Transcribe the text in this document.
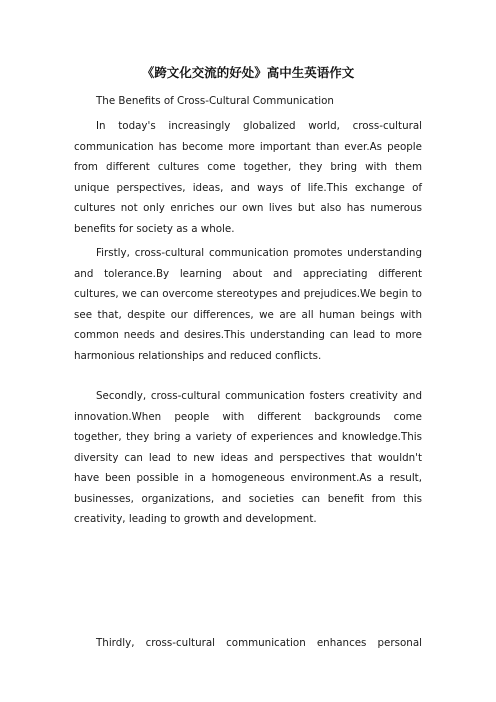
《跨文化交流的好处》高中生英语作文
The Benefits of Cross-Cultural Communication

In today's increasingly globalized world, cross-cultural communication has become more important than ever.As people from different cultures come together, they bring with them unique perspectives, ideas, and ways of life.This exchange of cultures not only enriches our own lives but also has numerous benefits for society as a whole.

Firstly, cross-cultural communication promotes understanding and tolerance.By learning about and appreciating different cultures, we can overcome stereotypes and prejudices.We begin to see that, despite our differences, we are all human beings with common needs and desires.This understanding can lead to more harmonious relationships and reduced conflicts.

Secondly, cross-cultural communication fosters creativity and innovation.When people with different backgrounds come together, they bring a variety of experiences and knowledge.This diversity can lead to new ideas and perspectives that wouldn't have been possible in a homogeneous environment.As a result, businesses, organizations, and societies can benefit from this creativity, leading to growth and development.

Thirdly, cross-cultural communication enhances personal
